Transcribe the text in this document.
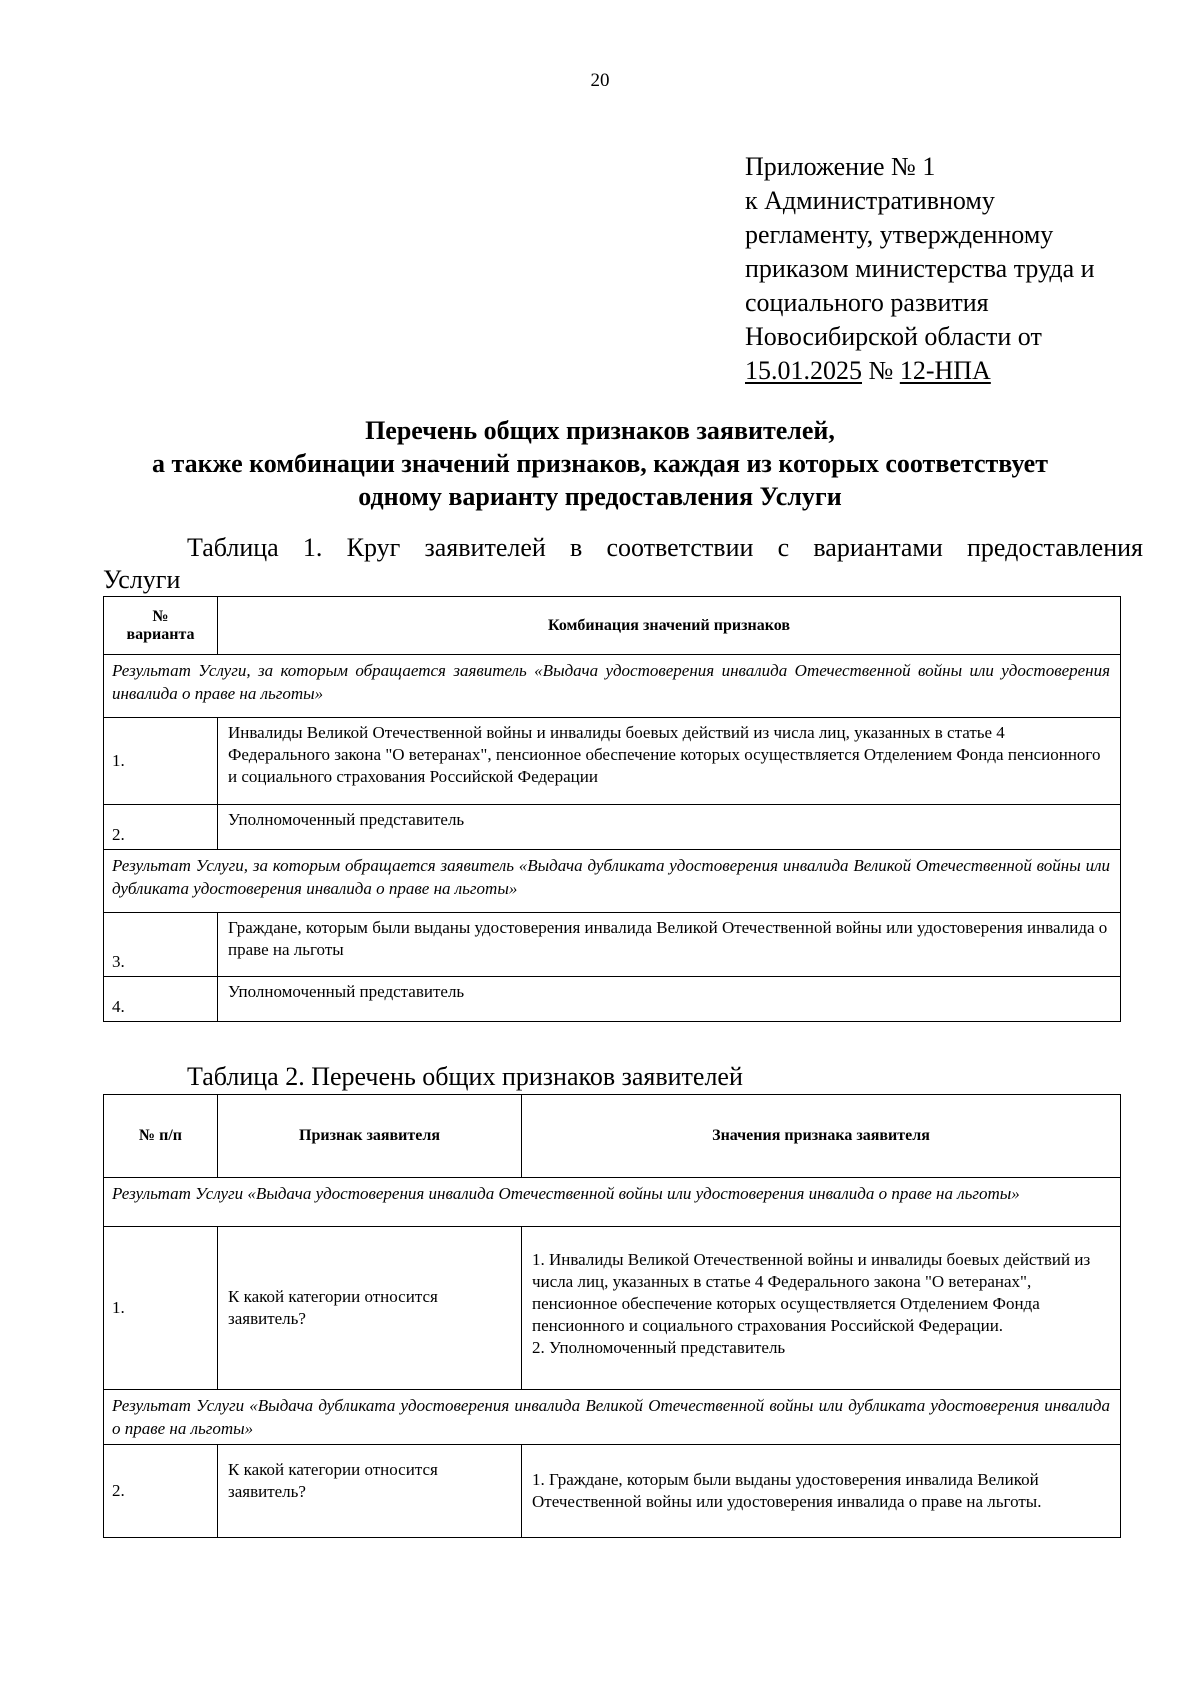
20
Приложение № 1
к Административному
регламенту, утвержденному
приказом министерства труда и
социального развития
Новосибирской области от
15.01.2025 № 12-НПА
Перечень общих признаков заявителей,
а также комбинации значений признаков, каждая из которых соответствует
одному варианту предоставления Услуги
Таблица 1. Круг заявителей в соответствии с вариантами предоставления
Услуги
№
варианта	Комбинация значений признаков
Результат Услуги, за которым обращается заявитель «Выдача удостоверения инвалида Отечественной войны или удостоверения инвалида о праве на льготы»	
1.	Инвалиды Великой Отечественной войны и инвалиды боевых действий из числа лиц, указанных в статье 4 Федерального закона "О ветеранах", пенсионное обеспечение которых осуществляется Отделением Фонда пенсионного и социального страхования Российской Федерации
2.	Уполномоченный представитель
Результат Услуги, за которым обращается заявитель «Выдача дубликата удостоверения инвалида Великой Отечественной войны или дубликата удостоверения инвалида о праве на льготы»	
3.	Граждане, которым были выданы удостоверения инвалида Великой Отечественной войны или удостоверения инвалида о праве на льготы
4.	Уполномоченный представитель
Таблица 2. Перечень общих признаков заявителей
№ п/п	Признак заявителя	Значения признака заявителя
Результат Услуги «Выдача удостоверения инвалида Отечественной войны или удостоверения инвалида о праве на льготы»		
1.	К какой категории относится заявитель?	1. Инвалиды Великой Отечественной войны и инвалиды боевых действий из числа лиц, указанных в статье 4 Федерального закона "О ветеранах", пенсионное обеспечение которых осуществляется Отделением Фонда пенсионного и социального страхования Российской Федерации.
2. Уполномоченный представитель

Результат Услуги «Выдача дубликата удостоверения инвалида Великой Отечественной войны или дубликата удостоверения инвалида о праве на льготы»		
2.	К какой категории относится заявитель?	1. Граждане, которым были выданы удостоверения инвалида Великой Отечественной войны или удостоверения инвалида о праве на льготы.
